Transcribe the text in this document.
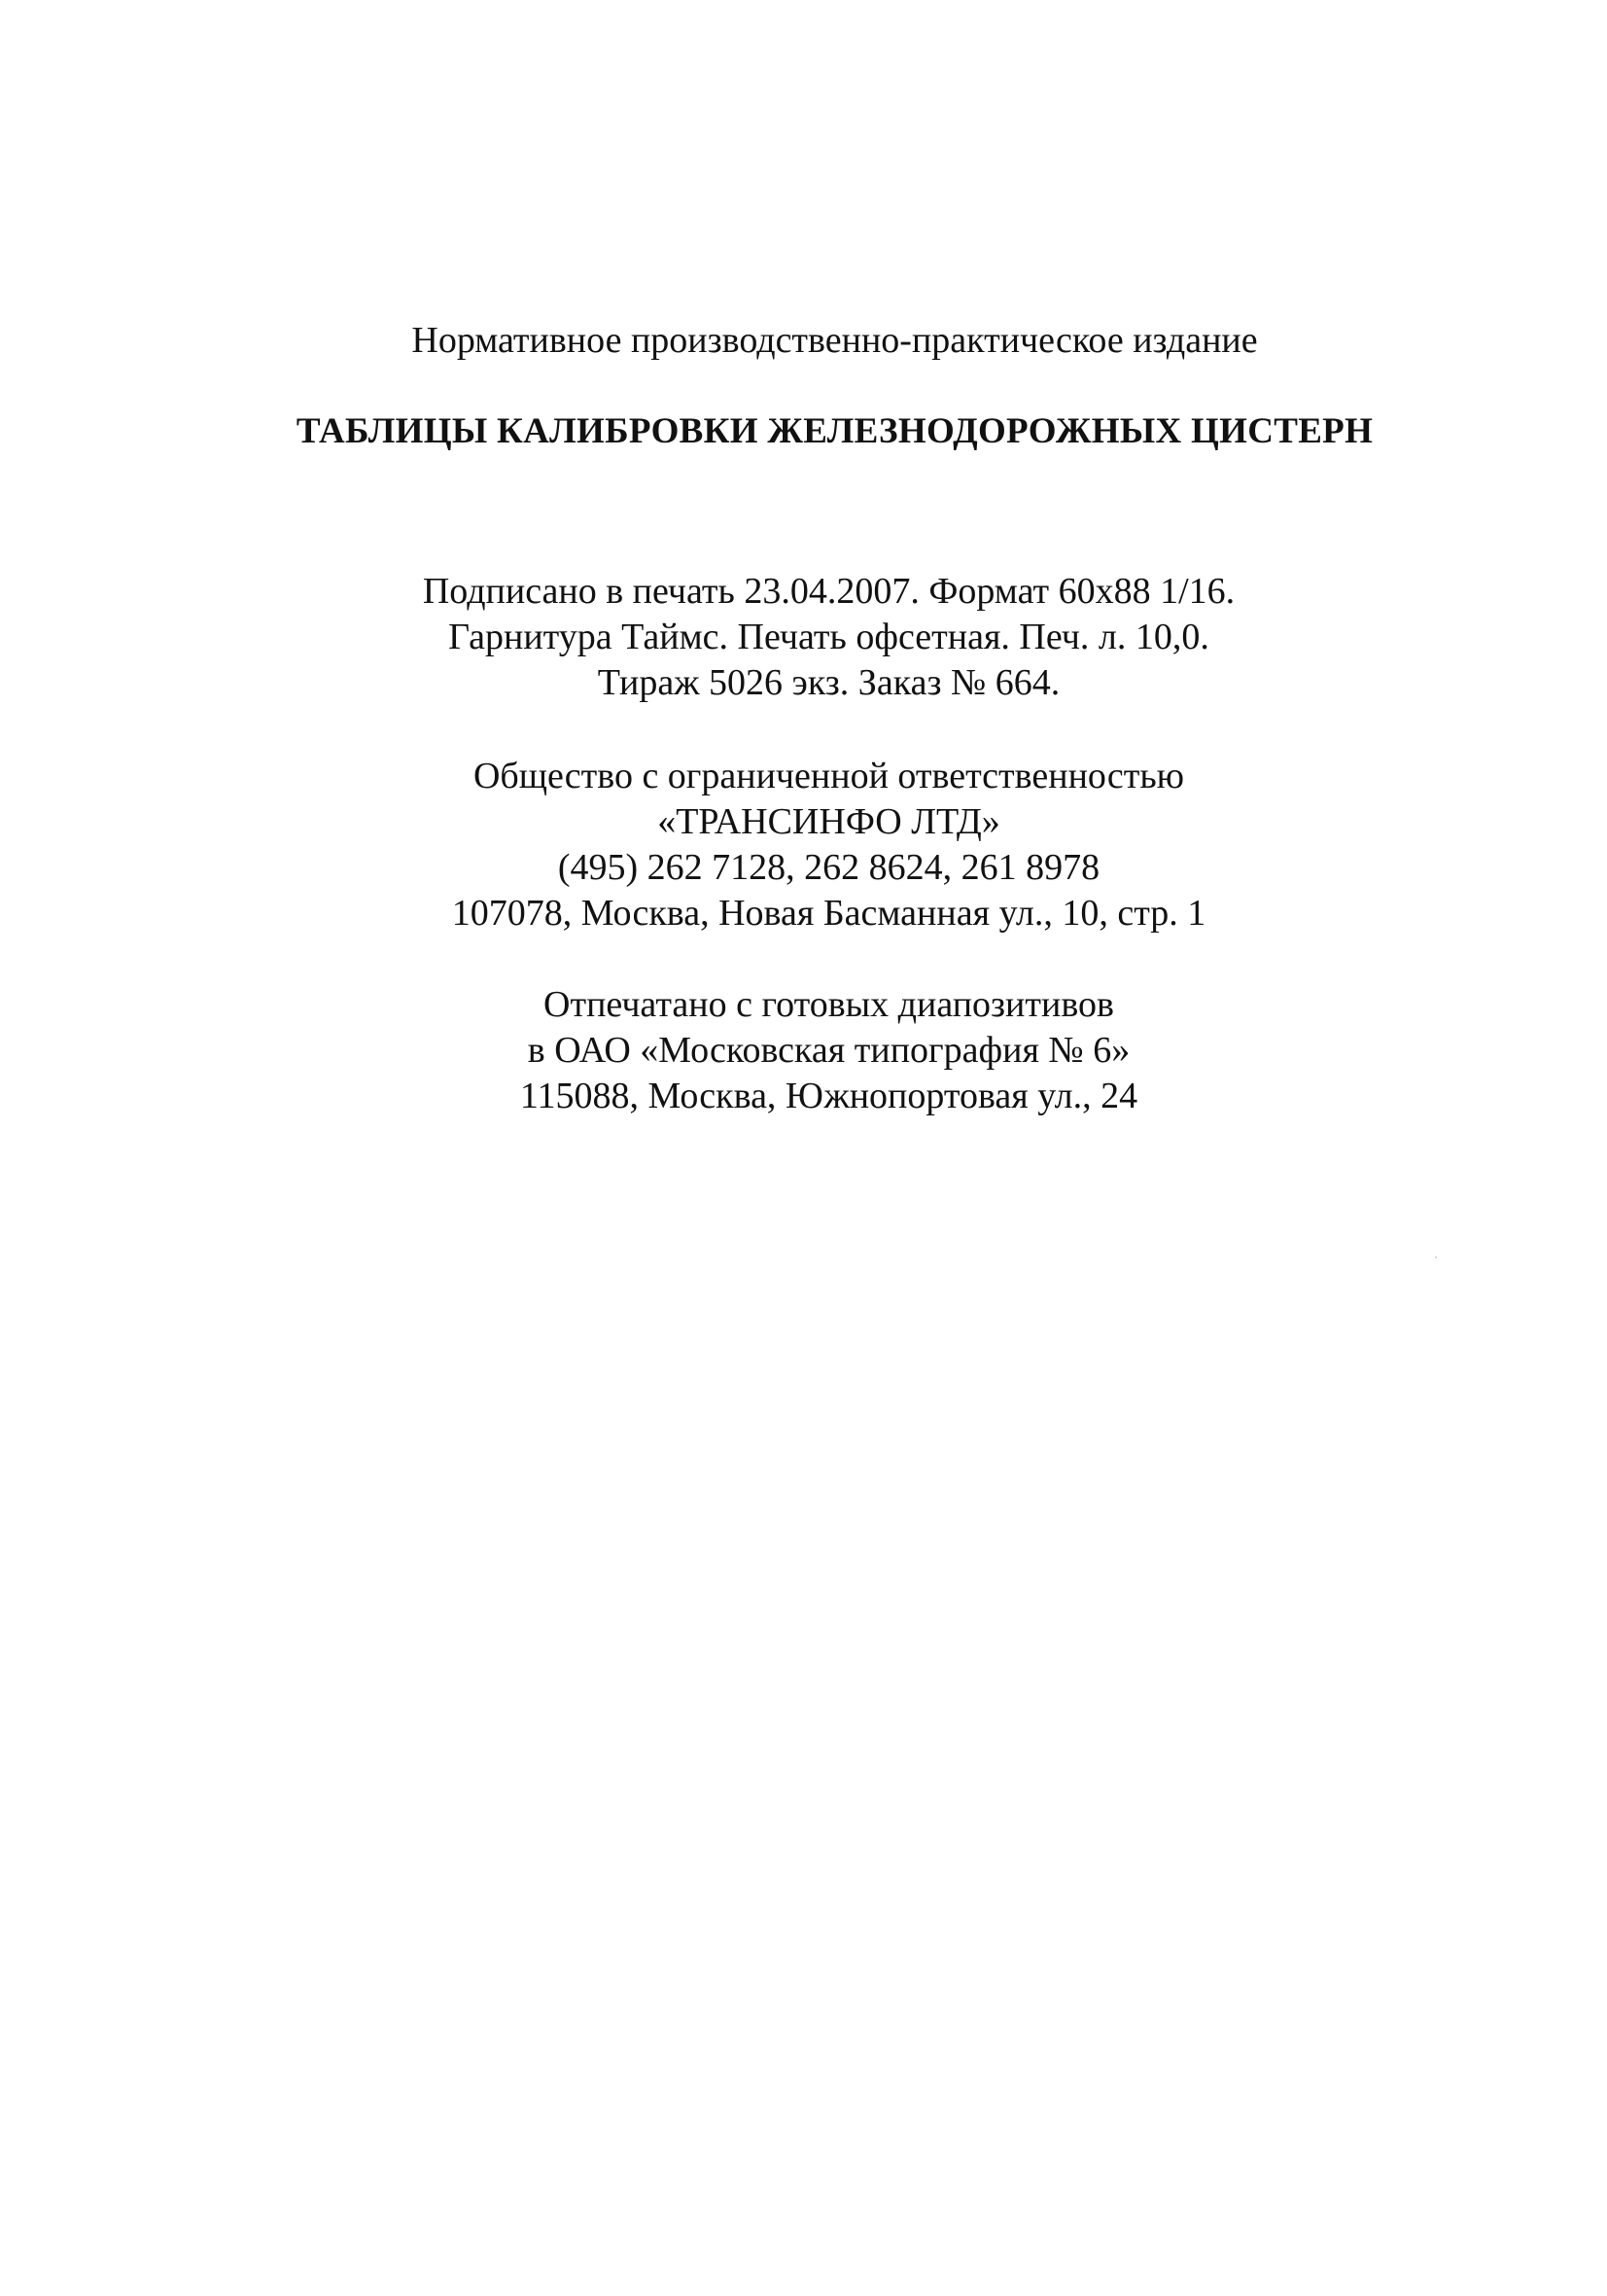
Нормативное производственно-практическое издание
ТАБЛИЦЫ КАЛИБРОВКИ ЖЕЛЕЗНОДОРОЖНЫХ ЦИСТЕРН
Подписано в печать 23.04.2007. Формат 60x88 1/16.
Гарнитура Таймс. Печать офсетная. Печ. л. 10,0.
Тираж 5026 экз. Заказ № 664.
Общество с ограниченной ответственностью
«ТРАНСИНФО ЛТД»
(495) 262 7128, 262 8624, 261 8978
107078, Москва, Новая Басманная ул., 10, стр. 1
Отпечатано с готовых диапозитивов
в ОАО «Московская типография № 6»
115088, Москва, Южнопортовая ул., 24
